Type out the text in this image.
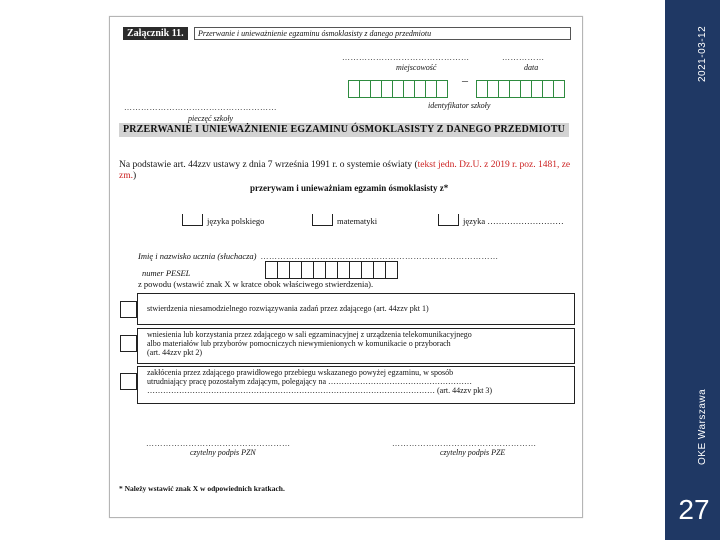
Załącznik 11.	Przerwanie i unieważnienie egzaminu ósmoklasisty z danego przedmiotu
………………………………………	……………
miejscowość	data
………………………………………………
pieczęć szkoły
–
identyfikator szkoły
PRZERWANIE I UNIEWAŻNIENIE EGZAMINU ÓSMOKLASISTY Z DANEGO PRZEDMIOTU
Na podstawie art. 44zzv ustawy z dnia 7 września 1991 r. o systemie oświaty (tekst jedn. Dz.U. z 2019 r. poz. 1481, ze zm.)
przerywam i unieważniam egzamin ósmoklasisty z*
języka polskiego	matematyki	języka ………………………
Imię i nazwisko ucznia (słuchacza) …………………………………………………………………………
numer PESEL
z powodu (wstawić znak X w kratce obok właściwego stwierdzenia).
stwierdzenia niesamodzielnego rozwiązywania zadań przez zdającego (art. 44zzv pkt 1)
wniesienia lub korzystania przez zdającego w sali egzaminacyjnej z urządzenia telekomunikacyjnego
albo materiałów lub przyborów pomocniczych niewymienionych w komunikacie o przyborach
(art. 44zzv pkt 2)
zakłócenia przez zdającego prawidłowego przebiegu wskazanego powyżej egzaminu, w sposób
utrudniający pracę pozostałym zdającym, polegający na ………………………………………………
……………………………………………………………………………………………… (art. 44zzv pkt 3)
……………………………………………
czytelny podpis PZN
……………………………………………
czytelny podpis PZE
* Należy wstawić znak X w odpowiednich kratkach.
2021-03-12
OKE Warszawa
27
